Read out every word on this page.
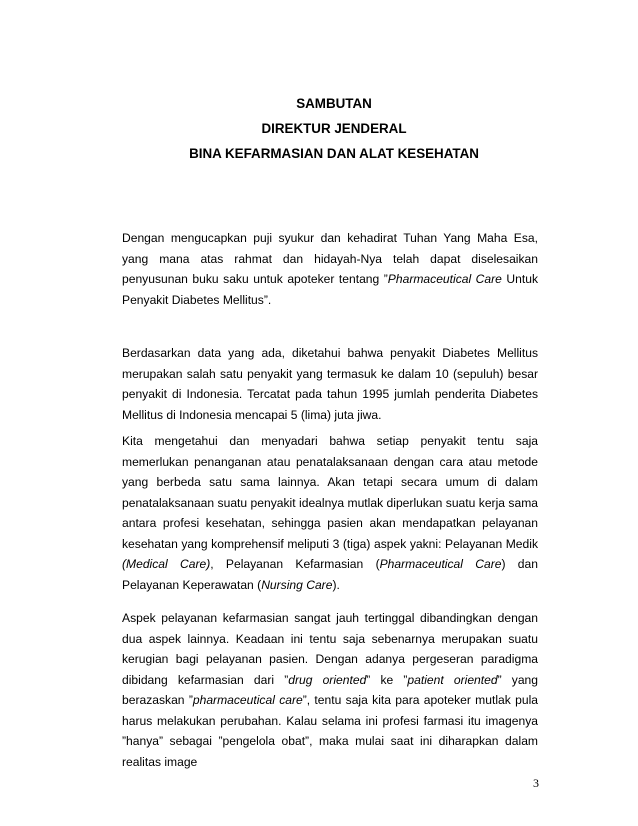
SAMBUTAN
DIREKTUR JENDERAL
BINA KEFARMASIAN DAN ALAT KESEHATAN

Dengan mengucapkan puji syukur dan kehadirat Tuhan Yang Maha Esa, yang mana atas rahmat dan hidayah-Nya telah dapat diselesaikan penyusunan buku saku untuk apoteker tentang ”Pharmaceutical Care Untuk Penyakit Diabetes Mellitus”.

Berdasarkan data yang ada, diketahui bahwa penyakit Diabetes Mellitus merupakan salah satu penyakit yang termasuk ke dalam 10 (sepuluh) besar penyakit di Indonesia. Tercatat pada tahun 1995 jumlah penderita Diabetes Mellitus di Indonesia mencapai 5 (lima) juta jiwa.

Kita mengetahui dan menyadari bahwa setiap penyakit tentu saja memerlukan penanganan atau penatalaksanaan dengan cara atau metode yang berbeda satu sama lainnya. Akan tetapi secara umum di dalam penatalaksanaan suatu penyakit idealnya mutlak diperlukan suatu kerja sama antara profesi kesehatan, sehingga pasien akan mendapatkan pelayanan kesehatan yang komprehensif meliputi 3 (tiga) aspek yakni: Pelayanan Medik (Medical Care), Pelayanan Kefarmasian (Pharmaceutical Care) dan Pelayanan Keperawatan (Nursing Care).

Aspek pelayanan kefarmasian sangat jauh tertinggal dibandingkan dengan dua aspek lainnya. Keadaan ini tentu saja sebenarnya merupakan suatu kerugian bagi pelayanan pasien. Dengan adanya pergeseran paradigma dibidang kefarmasian dari ”drug oriented” ke ”patient oriented” yang berazaskan ”pharmaceutical care”, tentu saja kita para apoteker mutlak pula harus melakukan perubahan. Kalau selama ini profesi farmasi itu imagenya ”hanya” sebagai ”pengelola obat”, maka mulai saat ini diharapkan dalam realitas image

3
